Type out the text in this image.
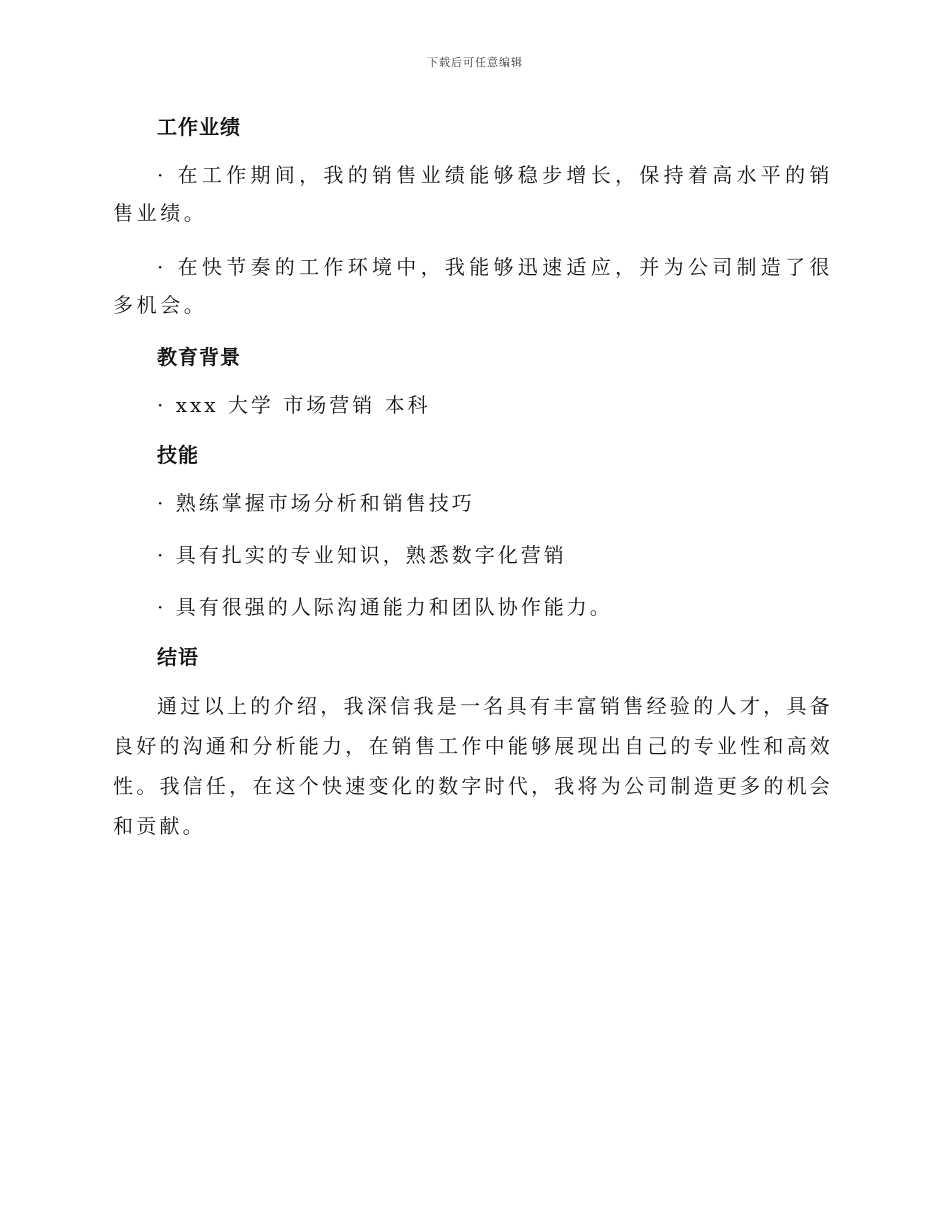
下载后可任意编辑
工作业绩

· 在工作期间，我的销售业绩能够稳步增长，保持着高水平的销售业绩。

· 在快节奏的工作环境中，我能够迅速适应，并为公司制造了很多机会。

教育背景

· xxx 大学 市场营销 本科

技能

· 熟练掌握市场分析和销售技巧

· 具有扎实的专业知识，熟悉数字化营销

· 具有很强的人际沟通能力和团队协作能力。

结语

通过以上的介绍，我深信我是一名具有丰富销售经验的人才，具备良好的沟通和分析能力，在销售工作中能够展现出自己的专业性和高效性。我信任，在这个快速变化的数字时代，我将为公司制造更多的机会和贡献。
